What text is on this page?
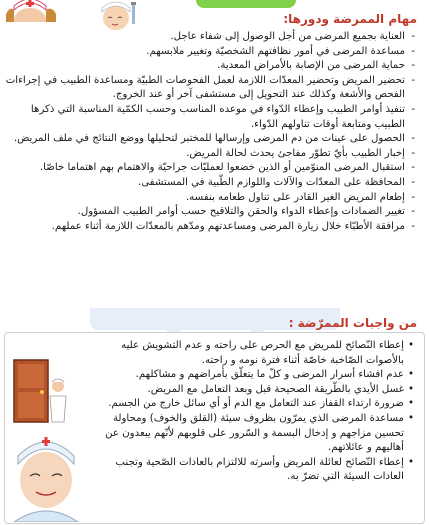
مهام الممرضة ودورها:
- العناية بجميع المرضى من أجل الوصول إلى شفاء عاجل.
- مساعدة المرضى في أمور نظافتهم الشخصيّة وتغيير ملابسهم.
- حماية المرضى من الإصابة بالأمراض المعدية.
- تحضير المريض وتحضير المعدّات اللازمة لعمل الفحوصات الطبيّة ومساعدة الطبيب في إجراءات الفحص والأشعة وكذلك عند التحويل إلى مستشفى آخر أو عند الخروج.
- تنفيذ أوامر الطبيب وإعطاء الدّواء في موعده المناسب وحسب الكمّية المناسبة التي ذكرها الطبيب ومتابعة أوقات تناولهم الدّواء.
- الحصول على عينات من دم المرضى وإرسالها للمختبر لتحليلها ووضع النتائج في ملف المريض.
- إخبار الطبيب بأيّ تطوّر مفاجئ يحدث لحالة المريض.
- استقبال المرضى المنوّمين أو الذين خضعوا لعمليّات جراحيّة والاهتمام بهم اهتماما خاصّا.
- المحافظة على المعدّات والآلات واللوازم الطّبية في المستشفى.
- إطعام المريض الغير القادر على تناول طعامه بنفسه.
- تغيير الضمادات وإعطاء الدواء والحقن والتلاقيح حسب أوامر الطبيب المسؤول.
- مرافقة الأطبّاء خلال زيارة المرضى ومساعدتهم ومدّهم بالمعدّات اللازمة أثناء عملهم.
من واجبات الممرّضة :
• إعطاء النّصائح للمريض مع الحرص على راحته و عدم التشويش عليه بالأصوات الصّاخبة خاصّة أثناء فترة نومه و راحته.
• عدم افشاء أسرار المرضى و كلّ ما يتعلّق بأمراضهم و مشاكلهم.
• غسل الأيدي بالطّريقة الصحيحة قبل وبعد التعامل مع المريض.
• ضرورة ارتداء القفاز عند التعامل مع الدم أو أي سائل خارج من الجسم.
• مساعدة المرضى الذي يمرّون بظروف سيئة (القلق والخوف) ومحاولة تحسين مزاجهم و إدخال البسمة و السّرور على قلوبهم لأنّهم يبعدون عن أهاليهم و عائلاتهم.
• إعطاء النّصائح لعائلة المريض وأسرته للالتزام بالعادات الصّحية وتجنب العادات السيئة التي تضرّ به.
